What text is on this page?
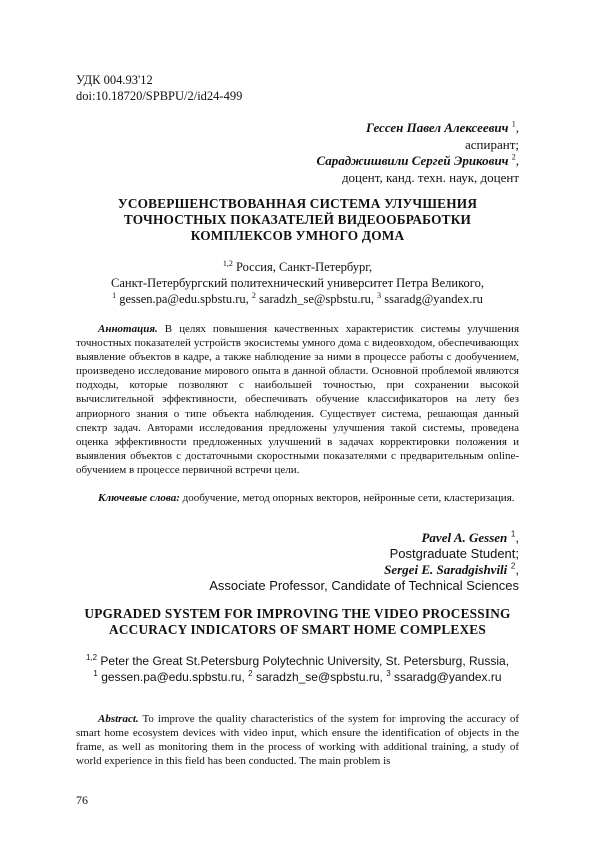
УДК 004.93'12
doi:10.18720/SPBPU/2/id24-499
Гессен Павел Алексеевич $^1$,
аспирант;
Сараджишвили Сергей Эрикович $^2$,
доцент, канд. техн. наук, доцент
УСОВЕРШЕНСТВОВАННАЯ СИСТЕМА УЛУЧШЕНИЯ
ТОЧНОСТНЫХ ПОКАЗАТЕЛЕЙ ВИДЕООБРАБОТКИ
КОМПЛЕКСОВ УМНОГО ДОМА
$^{1,2}$ Россия, Санкт-Петербург,
Санкт-Петербургский политехнический университет Петра Великого,
$^1$ gessen.pa@edu.spbstu.ru, $^2$ saradzh_se@spbstu.ru, $^3$ ssaradg@yandex.ru
Аннотация. В целях повышения качественных характеристик системы улучшения точностных показателей устройств экосистемы умного дома с видеовходом, обеспечивающих выявление объектов в кадре, а также наблюдение за ними в процессе работы с дообучением, произведено исследование мирового опыта в данной области. Основной проблемой являются подходы, которые позволяют с наибольшей точностью, при сохранении высокой вычислительной эффективности, обеспечивать обучение классификаторов на лету без априорного знания о типе объекта наблюдения. Существует система, решающая данный спектр задач. Авторами исследования предложены улучшения такой системы, проведена оценка эффективности предложенных улучшений в задачах корректировки положения и выявления объектов с достаточными скоростными показателями с предварительным online-обучением в процессе первичной встречи цели.
Ключевые слова: дообучение, метод опорных векторов, нейронные сети, кластеризация.
Pavel A. Gessen $^1$,
Postgraduate Student;
Sergei E. Saradgishvili $^2$,
Associate Professor, Candidate of Technical Sciences
UPGRADED SYSTEM FOR IMPROVING THE VIDEO PROCESSING
ACCURACY INDICATORS OF SMART HOME COMPLEXES
$^{1,2}$ Peter the Great St.Petersburg Polytechnic University, St. Petersburg, Russia,
$^1$ gessen.pa@edu.spbstu.ru, $^2$ saradzh_se@spbstu.ru, $^3$ ssaradg@yandex.ru
Abstract. To improve the quality characteristics of the system for improving the accuracy of smart home ecosystem devices with video input, which ensure the identification of objects in the frame, as well as monitoring them in the process of working with additional training, a study of world experience in this field has been conducted. The main problem is
76
